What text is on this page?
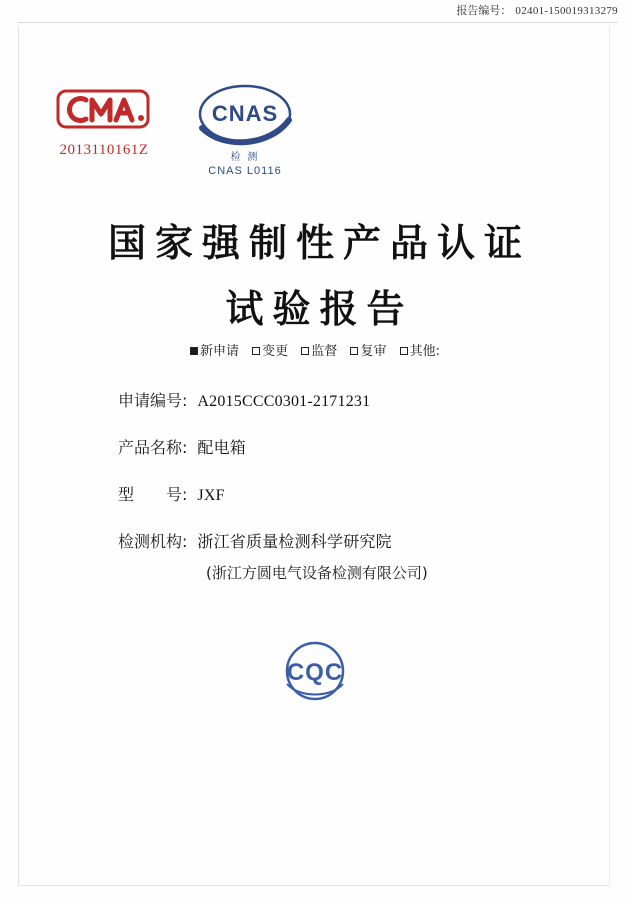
报告编号： 02401-150019313279
2013110161Z
CNAS
检 测
CNAS L0116
国家强制性产品认证
试验报告
新申请 变更 监督 复审 其他:
申请编号: A2015CCC0301-2171231
产品名称: 配电箱
型　　号: JXF
检测机构: 浙江省质量检测科学研究院
(浙江方圆电气设备检测有限公司)
CQC
